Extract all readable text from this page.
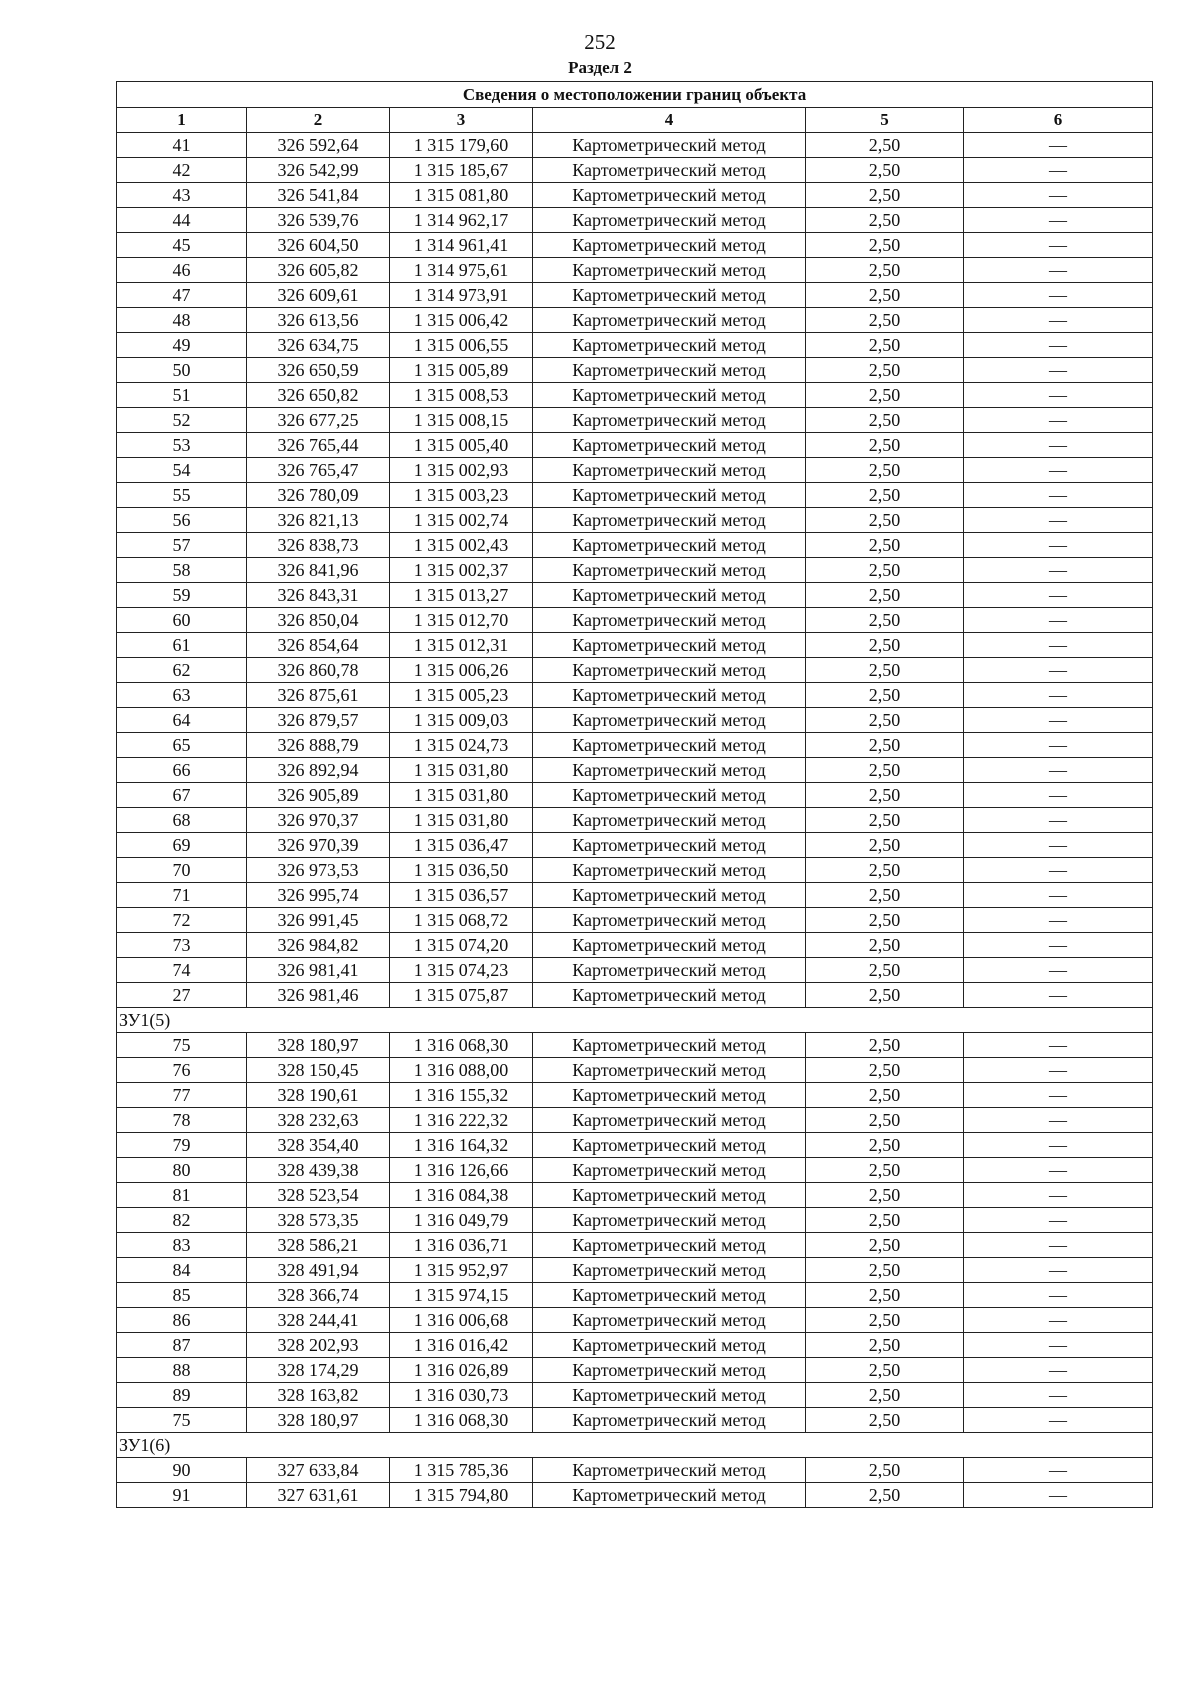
252
Раздел 2
Сведения о местоположении границ объекта					
1	2	3	4	5	6
41	326 592,64	1 315 179,60	Картометрический метод	2,50	—
42	326 542,99	1 315 185,67	Картометрический метод	2,50	—
43	326 541,84	1 315 081,80	Картометрический метод	2,50	—
44	326 539,76	1 314 962,17	Картометрический метод	2,50	—
45	326 604,50	1 314 961,41	Картометрический метод	2,50	—
46	326 605,82	1 314 975,61	Картометрический метод	2,50	—
47	326 609,61	1 314 973,91	Картометрический метод	2,50	—
48	326 613,56	1 315 006,42	Картометрический метод	2,50	—
49	326 634,75	1 315 006,55	Картометрический метод	2,50	—
50	326 650,59	1 315 005,89	Картометрический метод	2,50	—
51	326 650,82	1 315 008,53	Картометрический метод	2,50	—
52	326 677,25	1 315 008,15	Картометрический метод	2,50	—
53	326 765,44	1 315 005,40	Картометрический метод	2,50	—
54	326 765,47	1 315 002,93	Картометрический метод	2,50	—
55	326 780,09	1 315 003,23	Картометрический метод	2,50	—
56	326 821,13	1 315 002,74	Картометрический метод	2,50	—
57	326 838,73	1 315 002,43	Картометрический метод	2,50	—
58	326 841,96	1 315 002,37	Картометрический метод	2,50	—
59	326 843,31	1 315 013,27	Картометрический метод	2,50	—
60	326 850,04	1 315 012,70	Картометрический метод	2,50	—
61	326 854,64	1 315 012,31	Картометрический метод	2,50	—
62	326 860,78	1 315 006,26	Картометрический метод	2,50	—
63	326 875,61	1 315 005,23	Картометрический метод	2,50	—
64	326 879,57	1 315 009,03	Картометрический метод	2,50	—
65	326 888,79	1 315 024,73	Картометрический метод	2,50	—
66	326 892,94	1 315 031,80	Картометрический метод	2,50	—
67	326 905,89	1 315 031,80	Картометрический метод	2,50	—
68	326 970,37	1 315 031,80	Картометрический метод	2,50	—
69	326 970,39	1 315 036,47	Картометрический метод	2,50	—
70	326 973,53	1 315 036,50	Картометрический метод	2,50	—
71	326 995,74	1 315 036,57	Картометрический метод	2,50	—
72	326 991,45	1 315 068,72	Картометрический метод	2,50	—
73	326 984,82	1 315 074,20	Картометрический метод	2,50	—
74	326 981,41	1 315 074,23	Картометрический метод	2,50	—
27	326 981,46	1 315 075,87	Картометрический метод	2,50	—
ЗУ1(5)					
75	328 180,97	1 316 068,30	Картометрический метод	2,50	—
76	328 150,45	1 316 088,00	Картометрический метод	2,50	—
77	328 190,61	1 316 155,32	Картометрический метод	2,50	—
78	328 232,63	1 316 222,32	Картометрический метод	2,50	—
79	328 354,40	1 316 164,32	Картометрический метод	2,50	—
80	328 439,38	1 316 126,66	Картометрический метод	2,50	—
81	328 523,54	1 316 084,38	Картометрический метод	2,50	—
82	328 573,35	1 316 049,79	Картометрический метод	2,50	—
83	328 586,21	1 316 036,71	Картометрический метод	2,50	—
84	328 491,94	1 315 952,97	Картометрический метод	2,50	—
85	328 366,74	1 315 974,15	Картометрический метод	2,50	—
86	328 244,41	1 316 006,68	Картометрический метод	2,50	—
87	328 202,93	1 316 016,42	Картометрический метод	2,50	—
88	328 174,29	1 316 026,89	Картометрический метод	2,50	—
89	328 163,82	1 316 030,73	Картометрический метод	2,50	—
75	328 180,97	1 316 068,30	Картометрический метод	2,50	—
ЗУ1(6)					
90	327 633,84	1 315 785,36	Картометрический метод	2,50	—
91	327 631,61	1 315 794,80	Картометрический метод	2,50	—
